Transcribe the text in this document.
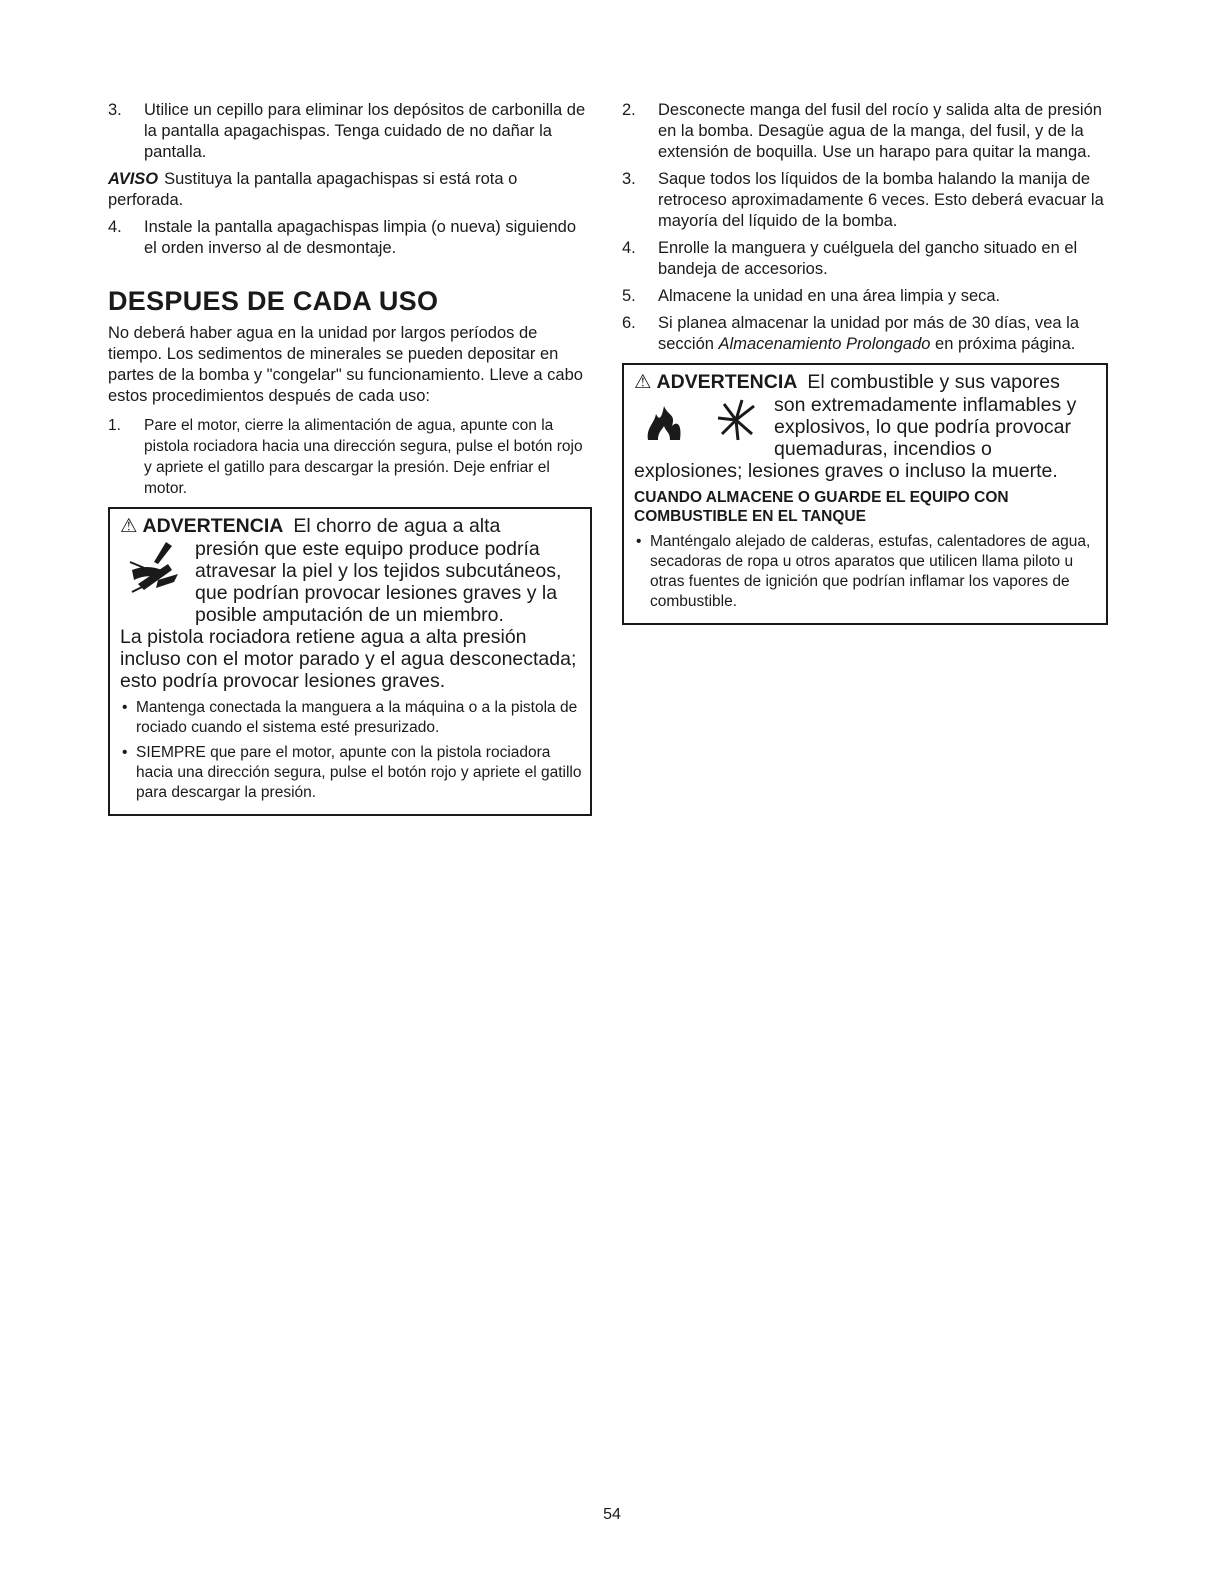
3.	Utilice un cepillo para eliminar los depósitos de carbonilla de la pantalla apagachispas. Tenga cuidado de no dañar la pantalla.
AVISO Sustituya la pantalla apagachispas si está rota o perforada.
4.	Instale la pantalla apagachispas limpia (o nueva) siguiendo el orden inverso al de desmontaje.
DESPUES DE CADA USO
No deberá haber agua en la unidad por largos períodos de tiempo. Los sedimentos de minerales se pueden depositar en partes de la bomba y "congelar" su funcionamiento. Lleve a cabo estos procedimientos después de cada uso:
1.	Pare el motor, cierre la alimentación de agua, apunte con la pistola rociadora hacia una dirección segura, pulse el botón rojo y apriete el gatillo para descargar la presión. Deje enfriar el motor.
⚠ ADVERTENCIA El chorro de agua a alta
presión que este equipo produce podría
atravesar la piel y los tejidos subcutáneos,
que podrían provocar lesiones graves y la
posible amputación de un miembro.
La pistola rociadora retiene agua a alta presión incluso con el motor parado y el agua desconectada; esto podría provocar lesiones graves.
• Mantenga conectada la manguera a la máquina o a la pistola de rociado cuando el sistema esté presurizado.
• SIEMPRE que pare el motor, apunte con la pistola rociadora hacia una dirección segura, pulse el botón rojo y apriete el gatillo para descargar la presión.
2.	Desconecte manga del fusil del rocío y salida alta de presión en la bomba. Desagüe agua de la manga, del fusil, y de la extensión de boquilla. Use un harapo para quitar la manga.
3.	Saque todos los líquidos de la bomba halando la manija de retroceso aproximadamente 6 veces. Esto deberá evacuar la mayoría del líquido de la bomba.
4.	Enrolle la manguera y cuélguela del gancho situado en el bandeja de accesorios.
5.	Almacene la unidad en una área limpia y seca.
6.	Si planea almacenar la unidad por más de 30 días, vea la sección Almacenamiento Prolongado en próxima página.
⚠ ADVERTENCIA El combustible y sus vapores
son extremadamente inflamables y
explosivos, lo que podría provocar
quemaduras, incendios o
explosiones; lesiones graves o incluso la muerte.
CUANDO ALMACENE O GUARDE EL EQUIPO CON COMBUSTIBLE EN EL TANQUE
• Manténgalo alejado de calderas, estufas, calentadores de agua, secadoras de ropa u otros aparatos que utilicen llama piloto u otras fuentes de ignición que podrían inflamar los vapores de combustible.
54
